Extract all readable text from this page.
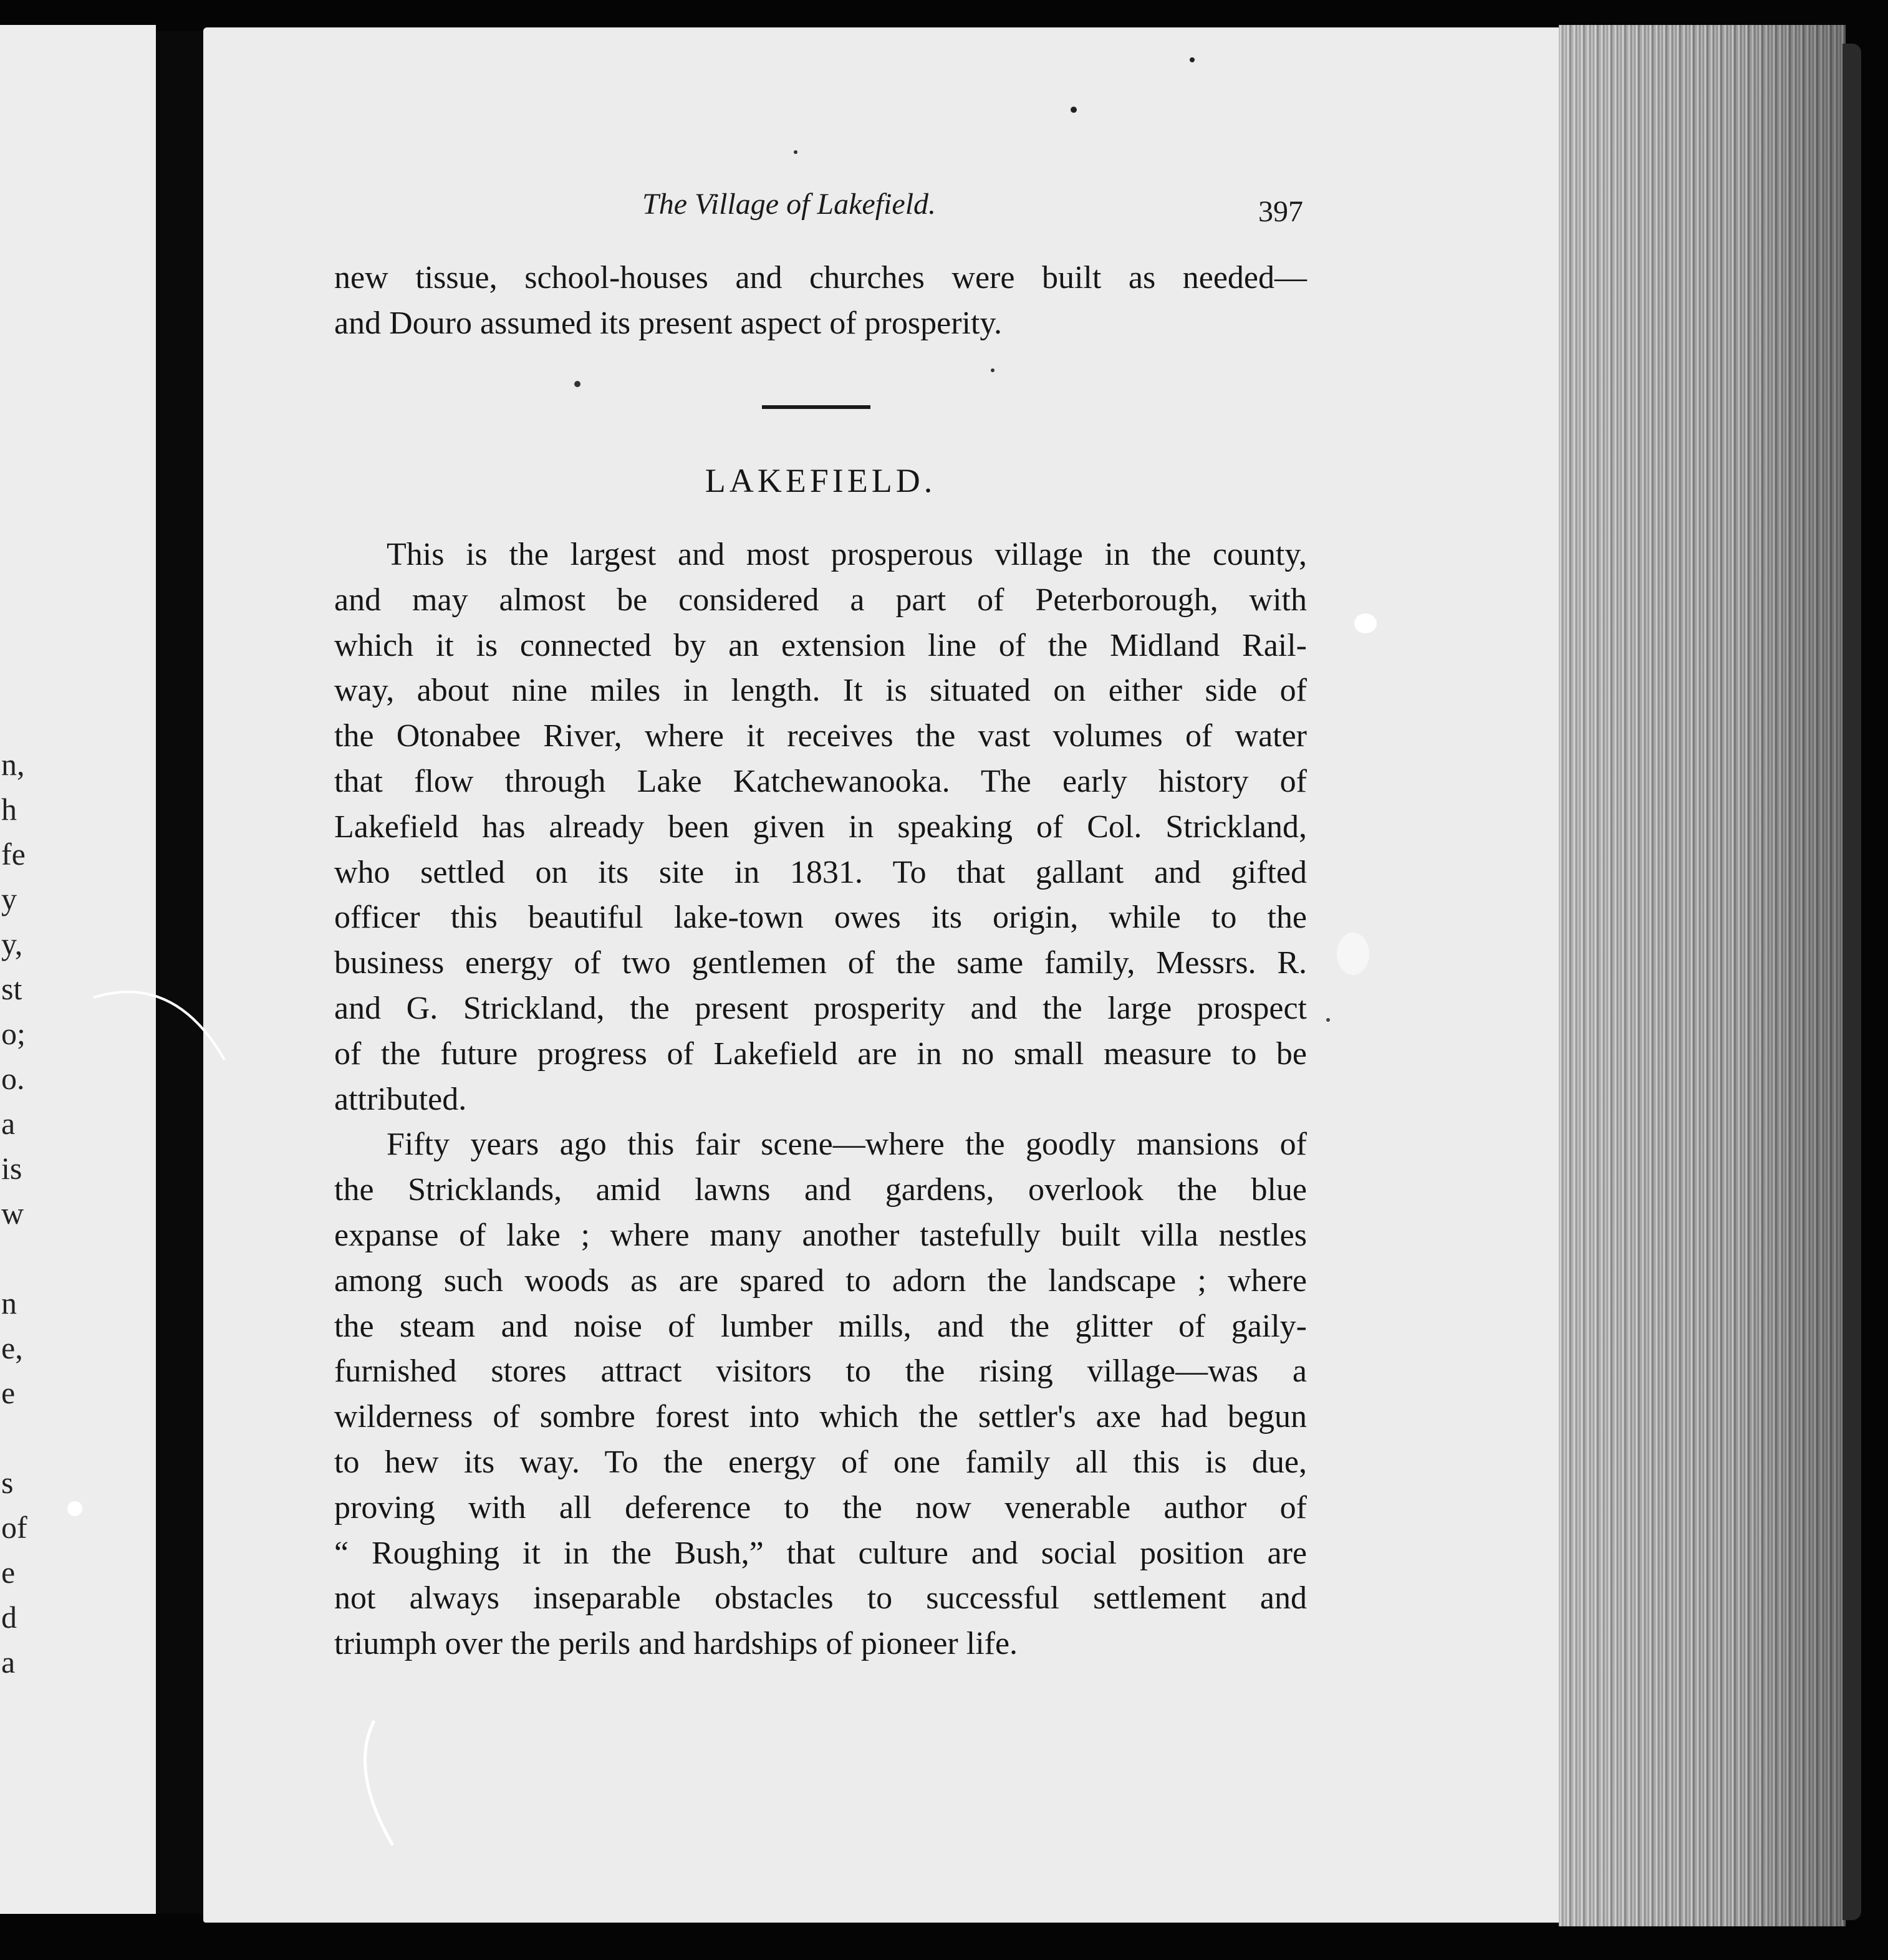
n,
h
fe
y
y,
st
o;
o.
a
is
w
n
e,
e
s
of
e
d
a
The Village of Lakefield.	397
new tissue, school-houses and churches were built as needed—
and Douro assumed its present aspect of prosperity.
LAKEFIELD.
This is the largest and most prosperous village in the county,
and may almost be considered a part of Peterborough, with
which it is connected by an extension line of the Midland Rail-
way, about nine miles in length. It is situated on either side of
the Otonabee River, where it receives the vast volumes of water
that flow through Lake Katchewanooka. The early history of
Lakefield has already been given in speaking of Col. Strickland,
who settled on its site in 1831. To that gallant and gifted
officer this beautiful lake-town owes its origin, while to the
business energy of two gentlemen of the same family, Messrs. R.
and G. Strickland, the present prosperity and the large prospect
of the future progress of Lakefield are in no small measure to be
attributed.
Fifty years ago this fair scene—where the goodly mansions of
the Stricklands, amid lawns and gardens, overlook the blue
expanse of lake ; where many another tastefully built villa nestles
among such woods as are spared to adorn the landscape ; where
the steam and noise of lumber mills, and the glitter of gaily-
furnished stores attract visitors to the rising village—was a
wilderness of sombre forest into which the settler's axe had begun
to hew its way. To the energy of one family all this is due,
proving with all deference to the now venerable author of
“ Roughing it in the Bush,” that culture and social position are
not always inseparable obstacles to successful settlement and
triumph over the perils and hardships of pioneer life.
